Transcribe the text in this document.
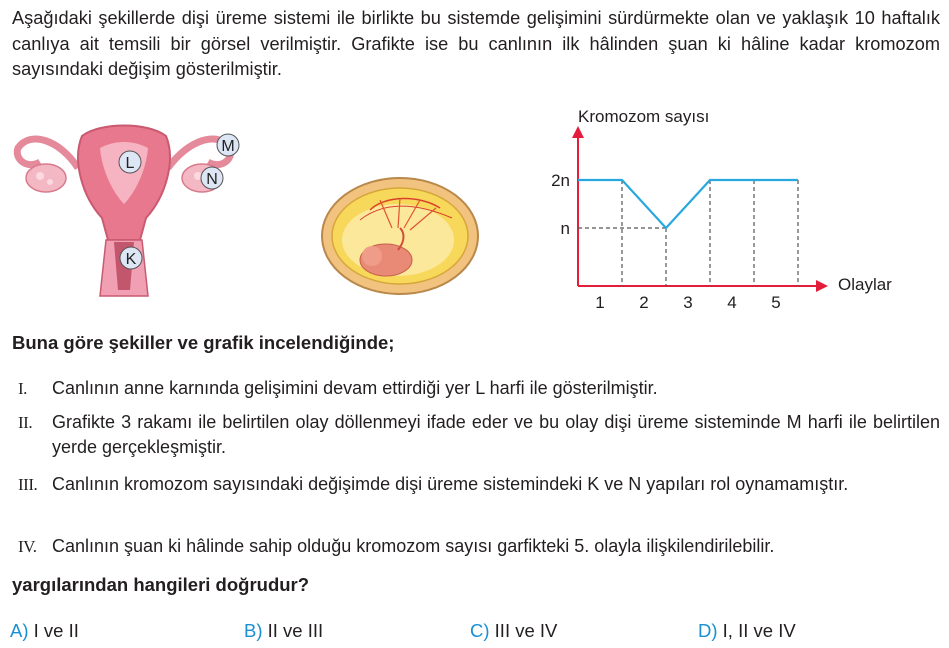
Aşağıdaki şekillerde dişi üreme sistemi ile birlikte bu sistemde gelişimini sürdürmekte olan ve yaklaşık 10 haftalık canlıya ait temsili bir görsel verilmiştir. Grafikte ise bu canlının ilk hâlinden şuan ki hâline kadar kromozom sayısındaki değişim gösterilmiştir.
L
M
N
K
Kromozom sayısı
Olaylar
2n
n
1 2 3 4 5
Buna göre şekiller ve grafik incelendiğinde;
I.	Canlının anne karnında gelişimini devam ettirdiği yer L harfi ile gösterilmiştir.
II.	Grafikte 3 rakamı ile belirtilen olay döllenmeyi ifade eder ve bu olay dişi üreme sisteminde M harfi ile belirtilen yerde gerçekleşmiştir.
III. Canlının kromozom sayısındaki değişimde dişi üreme sistemindeki K ve N yapıları rol oynamamıştır.
IV. Canlının şuan ki hâlinde sahip olduğu kromozom sayısı garfikteki 5. olayla ilişkilendirilebilir.
yargılarından hangileri doğrudur?
A) I ve II	B) II ve III	C) III ve IV	D) I, II ve IV
